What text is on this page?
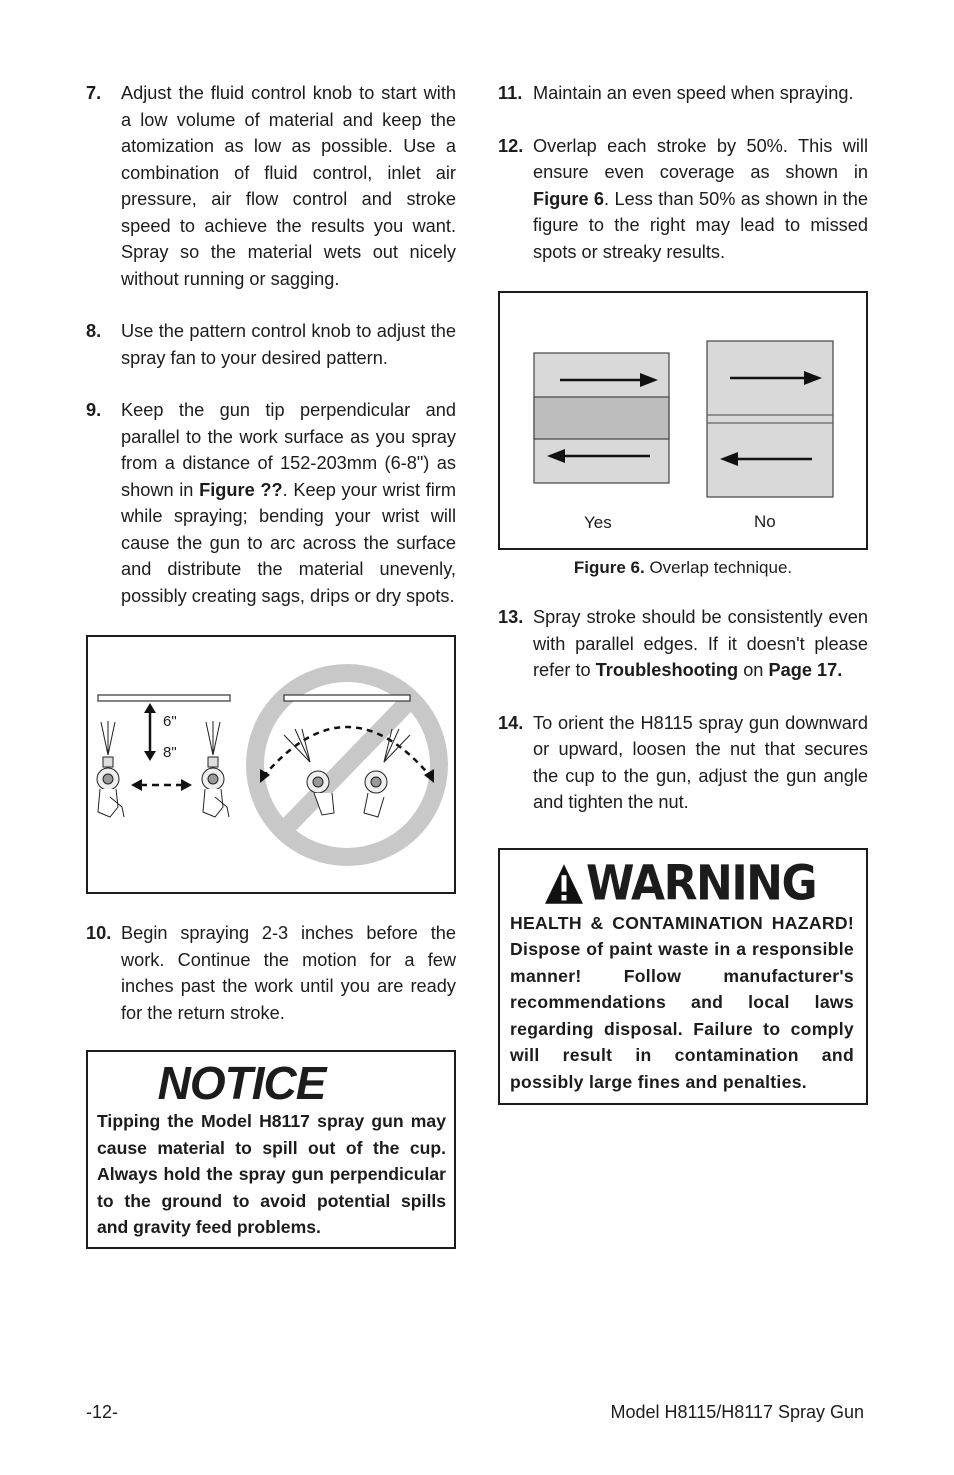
7. Adjust the fluid control knob to start with a low volume of material and keep the atomization as low as possible. Use a combination of fluid control, inlet air pressure, air flow control and stroke speed to achieve the results you want. Spray so the material wets out nicely without running or sagging.
8. Use the pattern control knob to adjust the spray fan to your desired pattern.
9. Keep the gun tip perpendicular and parallel to the work surface as you spray from a distance of 152-203mm (6-8") as shown in Figure ??. Keep your wrist firm while spraying; bending your wrist will cause the gun to arc across the surface and distribute the material unevenly, possibly creating sags, drips or dry spots.
6"
8"
10. Begin spraying 2-3 inches before the work. Continue the motion for a few inches past the work until you are ready for the return stroke.
NOTICE
Tipping the Model H8117 spray gun may cause material to spill out of the cup. Always hold the spray gun perpendicular to the ground to avoid potential spills and gravity feed problems.
11. Maintain an even speed when spraying.
12. Overlap each stroke by 50%. This will ensure even coverage as shown in Figure 6. Less than 50% as shown in the figure to the right may lead to missed spots or streaky results.
Yes	No
Figure 6. Overlap technique.
13. Spray stroke should be consistently even with parallel edges. If it doesn't please refer to Troubleshooting on Page 17.
14. To orient the H8115 spray gun downward or upward, loosen the nut that secures the cup to the gun, adjust the gun angle and tighten the nut.
WARNING
HEALTH & CONTAMINATION HAZARD! Dispose of paint waste in a responsible manner! Follow manufacturer's recommendations and local laws regarding disposal. Failure to comply will result in contamination and possibly large fines and penalties.
-12-	Model H8115/H8117 Spray Gun
